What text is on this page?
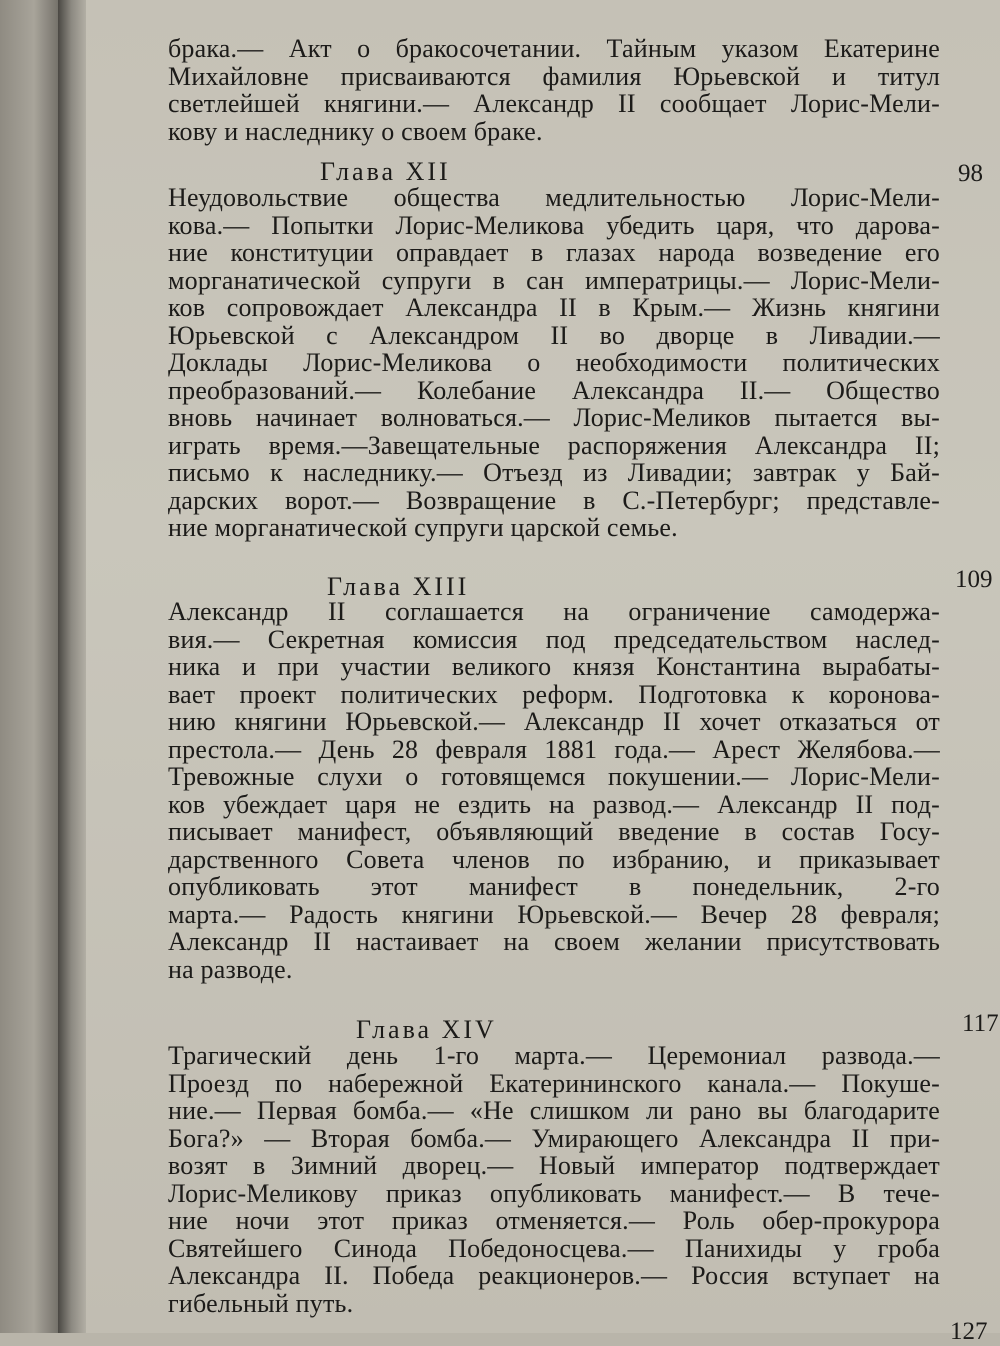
брака.— Акт о бракосочетании. Тайным указом Екатерине
Михайловне присваиваются фамилия Юрьевской и титул
светлейшей княгини.— Александр II сообщает Лорис-Мели-
кову и наследнику о своем браке.
Глава XII	98
Неудовольствие общества медлительностью Лорис-Мели-
кова.— Попытки Лорис-Меликова убедить царя, что дарова-
ние конституции оправдает в глазах народа возведение его
морганатической супруги в сан императрицы.— Лорис-Мели-
ков сопровождает Александра II в Крым.— Жизнь княгини
Юрьевской с Александром II во дворце в Ливадии.—
Доклады Лорис-Меликова о необходимости политических
преобразований.— Колебание Александра II.— Общество
вновь начинает волноваться.— Лорис-Меликов пытается вы-
играть время.—Завещательные распоряжения Александра II;
письмо к наследнику.— Отъезд из Ливадии; завтрак у Бай-
дарских ворот.— Возвращение в С.-Петербург; представле-
ние морганатической супруги царской семье.
Глава XIII	109
Александр II соглашается на ограничение самодержа-
вия.— Секретная комиссия под председательством наслед-
ника и при участии великого князя Константина вырабаты-
вает проект политических реформ. Подготовка к коронова-
нию княгини Юрьевской.— Александр II хочет отказаться от
престола.— День 28 февраля 1881 года.— Арест Желябова.—
Тревожные слухи о готовящемся покушении.— Лорис-Мели-
ков убеждает царя не ездить на развод.— Александр II под-
писывает манифест, объявляющий введение в состав Госу-
дарственного Совета членов по избранию, и приказывает
опубликовать этот манифест в понедельник, 2-го
марта.— Радость княгини Юрьевской.— Вечер 28 февраля;
Александр II настаивает на своем желании присутствовать
на разводе.
Глава XIV	117
Трагический день 1-го марта.— Церемониал развода.—
Проезд по набережной Екатерининского канала.— Покуше-
ние.— Первая бомба.— «Не слишком ли рано вы благодарите
Бога?» — Вторая бомба.— Умирающего Александра II при-
возят в Зимний дворец.— Новый император подтверждает
Лорис-Меликову приказ опубликовать манифест.— В тече-
ние ночи этот приказ отменяется.— Роль обер-прокурора
Святейшего Синода Победоносцева.— Панихиды у гроба
Александра II. Победа реакционеров.— Россия вступает на
гибельный путь.
127
